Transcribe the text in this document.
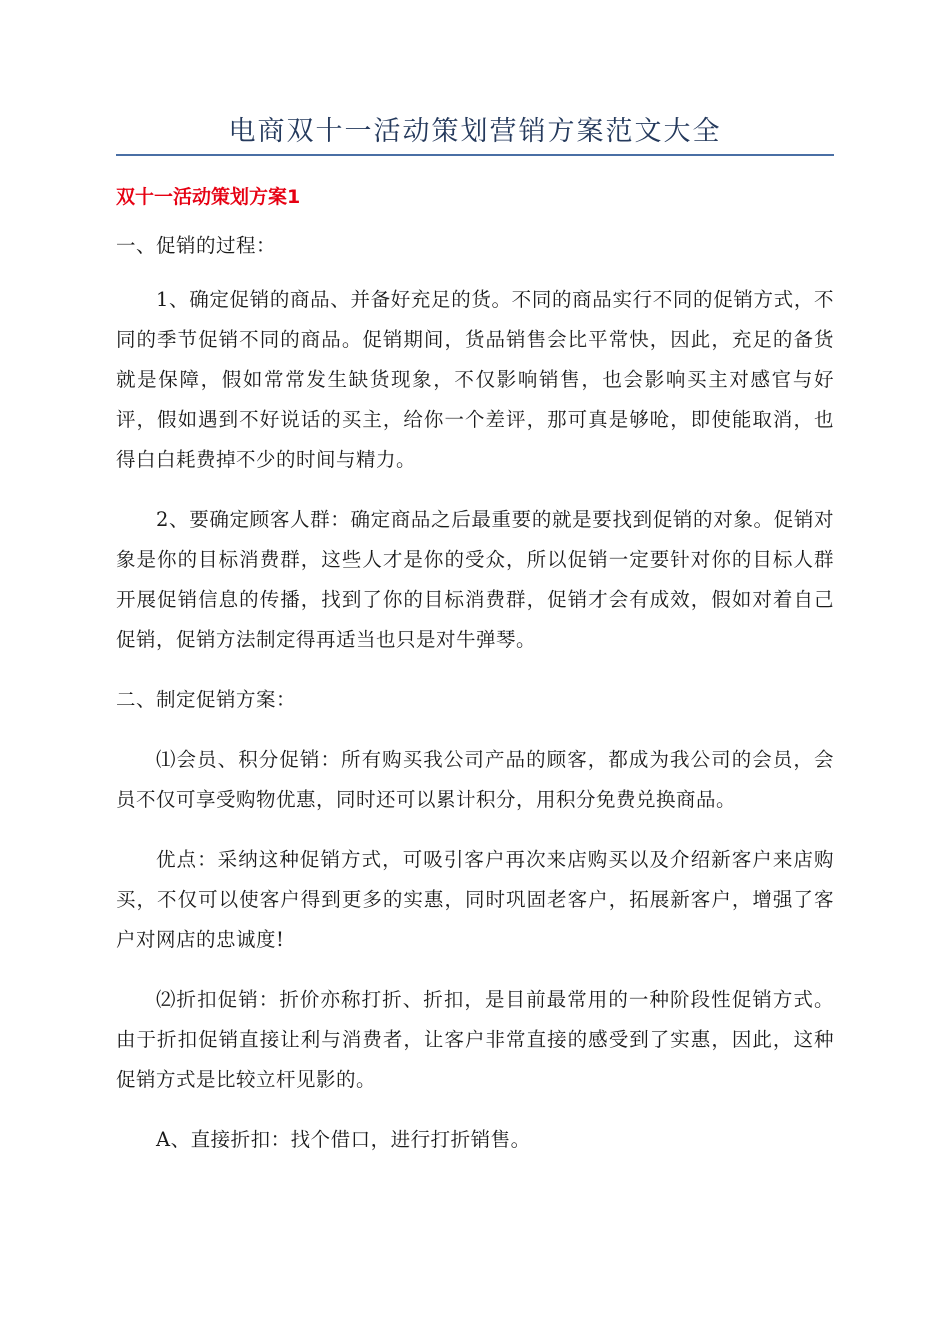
电商双十一活动策划营销方案范文大全
双十一活动策划方案1

一、促销的过程：

1、确定促销的商品、并备好充足的货。不同的商品实行不同的促销方式，不同的季节促销不同的商品。促销期间，货品销售会比平常快，因此，充足的备货就是保障，假如常常发生缺货现象，不仅影响销售，也会影响买主对感官与好评，假如遇到不好说话的买主，给你一个差评，那可真是够呛，即使能取消，也得白白耗费掉不少的时间与精力。

2、要确定顾客人群：确定商品之后最重要的就是要找到促销的对象。促销对象是你的目标消费群，这些人才是你的受众，所以促销一定要针对你的目标人群开展促销信息的传播，找到了你的目标消费群，促销才会有成效，假如对着自己促销，促销方法制定得再适当也只是对牛弹琴。

二、制定促销方案：

⑴会员、积分促销：所有购买我公司产品的顾客，都成为我公司的会员，会员不仅可享受购物优惠，同时还可以累计积分，用积分免费兑换商品。

优点：采纳这种促销方式，可吸引客户再次来店购买以及介绍新客户来店购买，不仅可以使客户得到更多的实惠，同时巩固老客户，拓展新客户，增强了客户对网店的忠诚度!

⑵折扣促销：折价亦称打折、折扣，是目前最常用的一种阶段性促销方式。由于折扣促销直接让利与消费者，让客户非常直接的感受到了实惠，因此，这种促销方式是比较立杆见影的。

A、直接折扣：找个借口，进行打折销售。
